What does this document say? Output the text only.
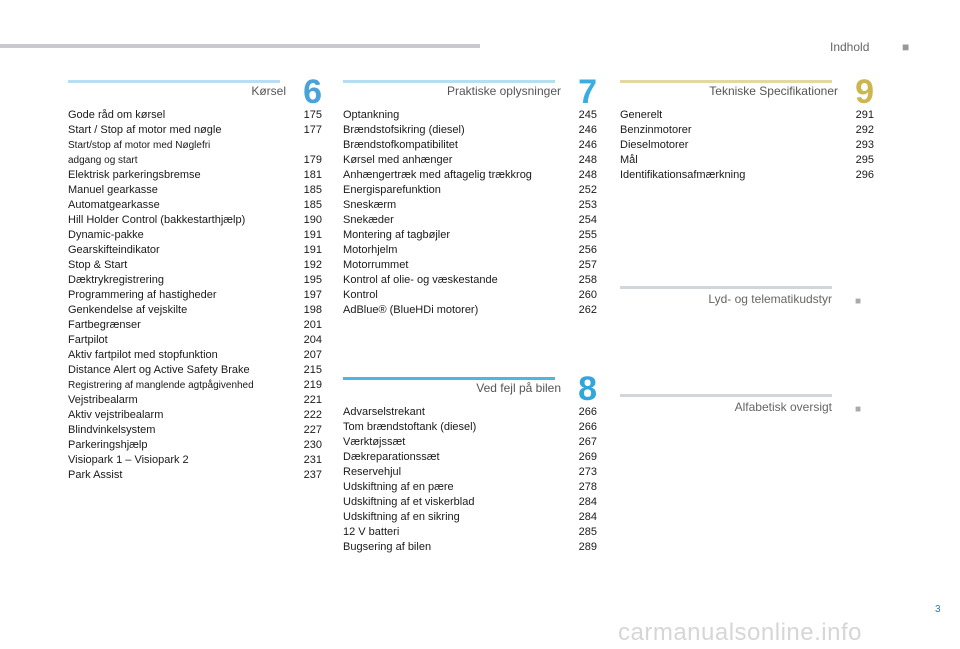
Indhold	■
Kørsel 6
Gode råd om kørsel	175
Start / Stop af motor med nøgle	177
Start/stop af motor med Nøglefri
adgang og start	179
Elektrisk parkeringsbremse	181
Manuel gearkasse	185
Automatgearkasse	185
Hill Holder Control (bakkestarthjælp)	190
Dynamic-pakke	191
Gearskifteindikator	191
Stop & Start	192
Dæktrykregistrering	195
Programmering af hastigheder	197
Genkendelse af vejskilte	198
Fartbegrænser	201
Fartpilot	204
Aktiv fartpilot med stopfunktion	207
Distance Alert og Active Safety Brake	215
Registrering af manglende agtpågivenhed	219
Vejstribealarm	221
Aktiv vejstribealarm	222
Blindvinkelsystem	227
Parkeringshjælp	230
Visiopark 1 – Visiopark 2	231
Park Assist	237
Praktiske oplysninger 7
Optankning	245
Brændstofsikring (diesel)	246
Brændstofkompatibilitet	246
Kørsel med anhænger	248
Anhængertræk med aftagelig trækkrog	248
Energisparefunktion	252
Sneskærm	253
Snekæder	254
Montering af tagbøjler	255
Motorhjelm	256
Motorrummet	257
Kontrol af olie- og væskestande	258
Kontrol	260
AdBlue® (BlueHDi motorer)	262
Ved fejl på bilen 8
Advarselstrekant	266
Tom brændstoftank (diesel)	266
Værktøjssæt	267
Dækreparationssæt	269
Reservehjul	273
Udskiftning af en pære	278
Udskiftning af et viskerblad	284
Udskiftning af en sikring	284
12 V batteri	285
Bugsering af bilen	289
Tekniske Specifikationer 9
Generelt	291
Benzinmotorer	292
Dieselmotorer	293
Mål	295
Identifikationsafmærkning	296
Lyd- og telematikudstyr ■
Alfabetisk oversigt ■
3
carmanualsonline.info
